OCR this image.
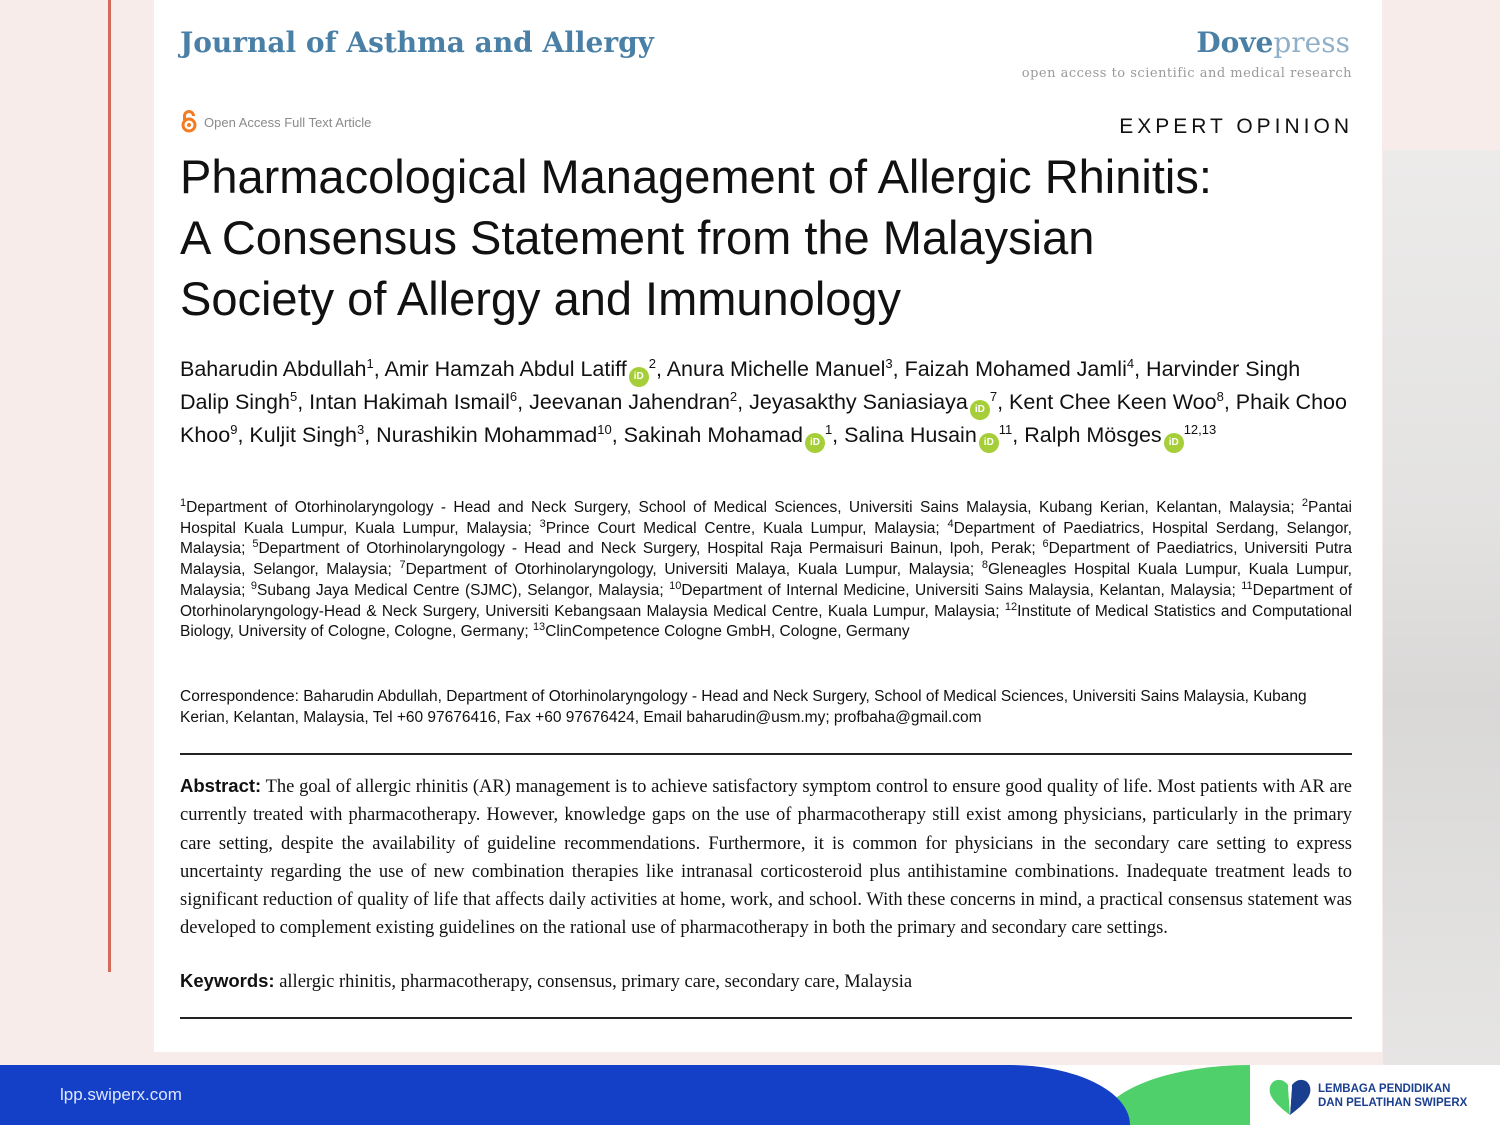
Journal of Asthma and Allergy	Dovepress
open access to scientific and medical research
Open Access Full Text Article	EXPERT OPINION
Pharmacological Management of Allergic Rhinitis:
A Consensus Statement from the Malaysian
Society of Allergy and Immunology
Baharudin Abdullah$^1$, Amir Hamzah Abdul Latiff $iD^2$, Anura Michelle Manuel$^3$, Faizah Mohamed Jamli$^4$, Harvinder Singh Dalip Singh$^5$, Intan Hakimah Ismail$^6$, Jeevanan Jahendran$^2$, Jeyasakthy Saniasiaya $iD^7$, Kent Chee Keen Woo$^8$, Phaik Choo Khoo$^9$, Kuljit Singh$^3$, Nurashikin Mohammad$^{10}$, Sakinah Mohamad $iD^1$, Salina Husain $iD^{11}$, Ralph Mösges iD$^{12,13}$
$^1$Department of Otorhinolaryngology - Head and Neck Surgery, School of Medical Sciences, Universiti Sains Malaysia, Kubang Kerian, Kelantan, Malaysia; $^2$Pantai Hospital Kuala Lumpur, Kuala Lumpur, Malaysia; $^3$Prince Court Medical Centre, Kuala Lumpur, Malaysia; $^4$Department of Paediatrics, Hospital Serdang, Selangor, Malaysia; $^5$Department of Otorhinolaryngology - Head and Neck Surgery, Hospital Raja Permaisuri Bainun, Ipoh, Perak; $^6$Department of Paediatrics, Universiti Putra Malaysia, Selangor, Malaysia; $^7$Department of Otorhinolaryngology, Universiti Malaya, Kuala Lumpur, Malaysia; $^8$Gleneagles Hospital Kuala Lumpur, Kuala Lumpur, Malaysia; $^9$Subang Jaya Medical Centre (SJMC), Selangor, Malaysia; $^{10}$Department of Internal Medicine, Universiti Sains Malaysia, Kelantan, Malaysia; $^{11}$Department of Otorhinolaryngology-Head & Neck Surgery, Universiti Kebangsaan Malaysia Medical Centre, Kuala Lumpur, Malaysia; $^{12}$Institute of Medical Statistics and Computational Biology, University of Cologne, Cologne, Germany; $^{13}$ClinCompetence Cologne GmbH, Cologne, Germany
Correspondence: Baharudin Abdullah, Department of Otorhinolaryngology - Head and Neck Surgery, School of Medical Sciences, Universiti Sains Malaysia, Kubang Kerian, Kelantan, Malaysia, Tel +60 97676416, Fax +60 97676424, Email baharudin@usm.my; profbaha@gmail.com
Abstract: The goal of allergic rhinitis (AR) management is to achieve satisfactory symptom control to ensure good quality of life. Most patients with AR are currently treated with pharmacotherapy. However, knowledge gaps on the use of pharmacotherapy still exist among physicians, particularly in the primary care setting, despite the availability of guideline recommendations. Furthermore, it is common for physicians in the secondary care setting to express uncertainty regarding the use of new combination therapies like intranasal corticosteroid plus antihistamine combinations. Inadequate treatment leads to significant reduction of quality of life that affects daily activities at home, work, and school. With these concerns in mind, a practical consensus statement was developed to complement existing guidelines on the rational use of pharmacotherapy in both the primary and secondary care settings.
Keywords: allergic rhinitis, pharmacotherapy, consensus, primary care, secondary care, Malaysia
lpp.swiperx.com	LEMBAGA PENDIDIKAN
DAN PELATIHAN SWIPERX
